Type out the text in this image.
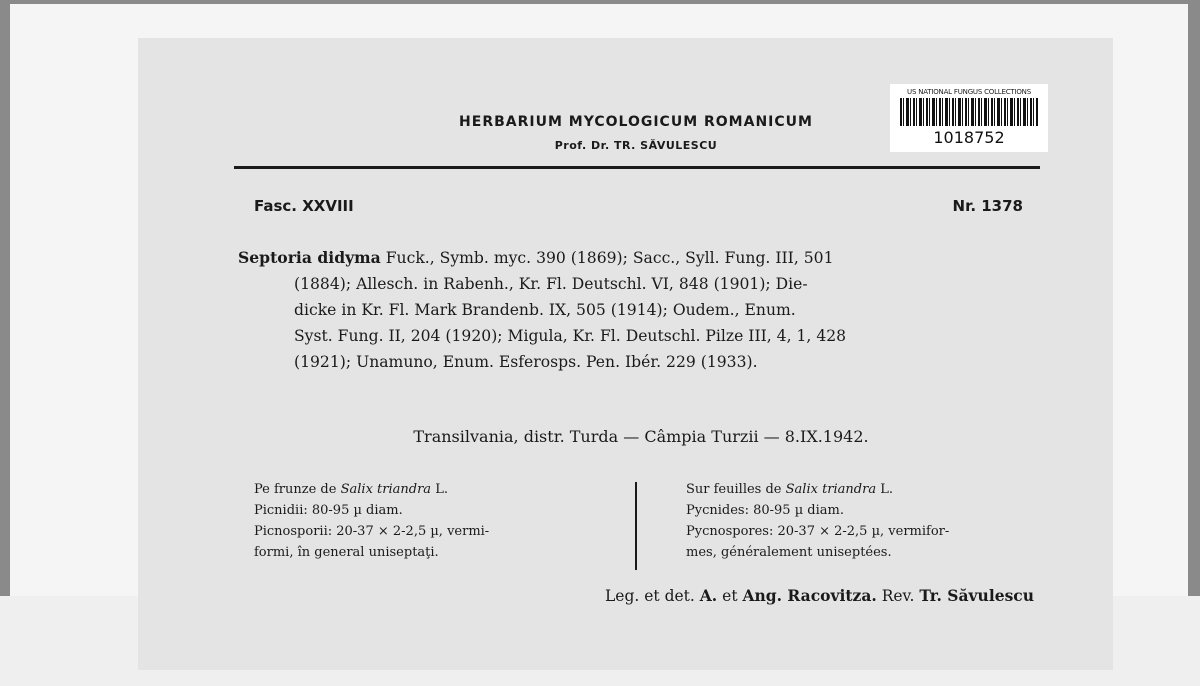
US NATIONAL FUNGUS COLLECTIONS
1018752
HERBARIUM MYCOLOGICUM ROMANICUM
Prof. Dr. TR. SĂVULESCU
Fasc. XXVIII	Nr. 1378
Septoria didyma Fuck., Symb. myc. 390 (1869); Sacc., Syll. Fung. III, 501
(1884); Allesch. in Rabenh., Kr. Fl. Deutschl. VI, 848 (1901); Die-
dicke in Kr. Fl. Mark Brandenb. IX, 505 (1914); Oudem., Enum.
Syst. Fung. II, 204 (1920); Migula, Kr. Fl. Deutschl. Pilze III, 4, 1, 428
(1921); Unamuno, Enum. Esferosps. Pen. Ibér. 229 (1933).
Transilvania, distr. Turda — Câmpia Turzii — 8.IX.1942.
Pe frunze de Salix triandra L.
Picnidii: 80-95 µ diam.
Picnosporii: 20-37 × 2-2,5 µ, vermi-
formi, în general uniseptaţi.
Sur feuilles de Salix triandra L.
Pycnides: 80-95 µ diam.
Pycnospores: 20-37 × 2-2,5 µ, vermifor-
mes, généralement uniseptées.
Leg. et det. A. et Ang. Racovitza. Rev. Tr. Săvulescu
